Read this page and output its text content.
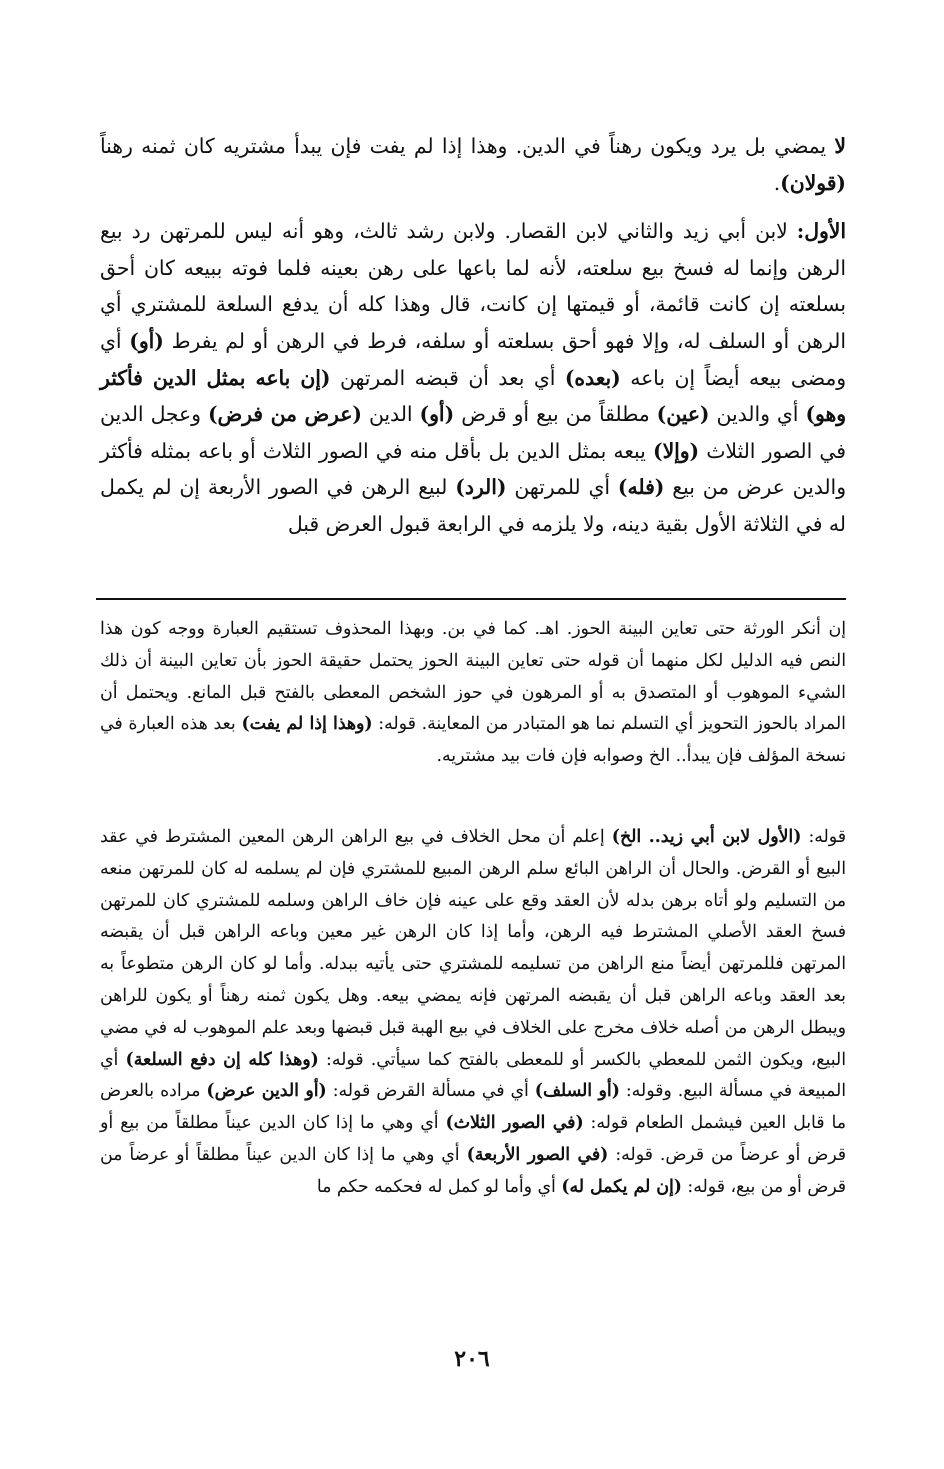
لا يمضي بل يرد ويكون رهناً في الدين. وهذا إذا لم يفت فإن يبدأ مشتريه كان ثمنه رهناً (قولان).

الأول: لابن أبي زيد والثاني لابن القصار. ولابن رشد ثالث، وهو أنه ليس للمرتهن رد بيع الرهن وإنما له فسخ بيع سلعته، لأنه لما باعها على رهن بعينه فلما فوته ببيعه كان أحق بسلعته إن كانت قائمة، أو قيمتها إن كانت، قال وهذا كله أن يدفع السلعة للمشتري أي الرهن أو السلف له، وإلا فهو أحق بسلعته أو سلفه، فرط في الرهن أو لم يفرط (أو) أي ومضى بيعه أيضاً إن باعه (بعده) أي بعد أن قبضه المرتهن (إن باعه بمثل الدين فأكثر وهو) أي والدين (عين) مطلقاً من بيع أو قرض (أو) الدين (عرض من فرض) وعجل الدين في الصور الثلاث (وإلا) يبعه بمثل الدين بل بأقل منه في الصور الثلاث أو باعه بمثله فأكثر والدين عرض من بيع (فله) أي للمرتهن (الرد) لبيع الرهن في الصور الأربعة إن لم يكمل له في الثلاثة الأول بقية دينه، ولا يلزمه في الرابعة قبول العرض قبل

إن أنكر الورثة حتى تعاين البينة الحوز. اهـ. كما في بن. وبهذا المحذوف تستقيم العبارة ووجه كون هذا النص فيه الدليل لكل منهما أن قوله حتى تعاين البينة الحوز يحتمل حقيقة الحوز بأن تعاين البينة أن ذلك الشيء الموهوب أو المتصدق به أو المرهون في حوز الشخص المعطى بالفتح قبل المانع. ويحتمل أن المراد بالحوز التحويز أي التسلم نما هو المتبادر من المعاينة. قوله: (وهذا إذا لم يفت) بعد هذه العبارة في نسخة المؤلف فإن يبدأ.. الخ وصوابه فإن فات بيد مشتريه.

قوله: (الأول لابن أبي زيد.. الخ) إعلم أن محل الخلاف في بيع الراهن الرهن المعين المشترط في عقد البيع أو القرض. والحال أن الراهن البائع سلم الرهن المبيع للمشتري فإن لم يسلمه له كان للمرتهن منعه من التسليم ولو أتاه برهن بدله لأن العقد وقع على عينه فإن خاف الراهن وسلمه للمشتري كان للمرتهن فسخ العقد الأصلي المشترط فيه الرهن، وأما إذا كان الرهن غير معين وباعه الراهن قبل أن يقبضه المرتهن فللمرتهن أيضاً منع الراهن من تسليمه للمشتري حتى يأتيه ببدله. وأما لو كان الرهن متطوعاً به بعد العقد وباعه الراهن قبل أن يقبضه المرتهن فإنه يمضي بيعه. وهل يكون ثمنه رهناً أو يكون للراهن ويبطل الرهن من أصله خلاف مخرج على الخلاف في بيع الهبة قبل قبضها وبعد علم الموهوب له في مضي البيع، ويكون الثمن للمعطي بالكسر أو للمعطى بالفتح كما سيأتي. قوله: (وهذا كله إن دفع السلعة) أي المبيعة في مسألة البيع. وقوله: (أو السلف) أي في مسألة القرض قوله: (أو الدين عرض) مراده بالعرض ما قابل العين فيشمل الطعام قوله: (في الصور الثلاث) أي وهي ما إذا كان الدين عيناً مطلقاً من بيع أو قرض أو عرضاً من قرض. قوله: (في الصور الأربعة) أي وهي ما إذا كان الدين عيناً مطلقاً أو عرضاً من قرض أو من بيع، قوله: (إن لم يكمل له) أي وأما لو كمل له فحكمه حكم ما

٢٠٦
